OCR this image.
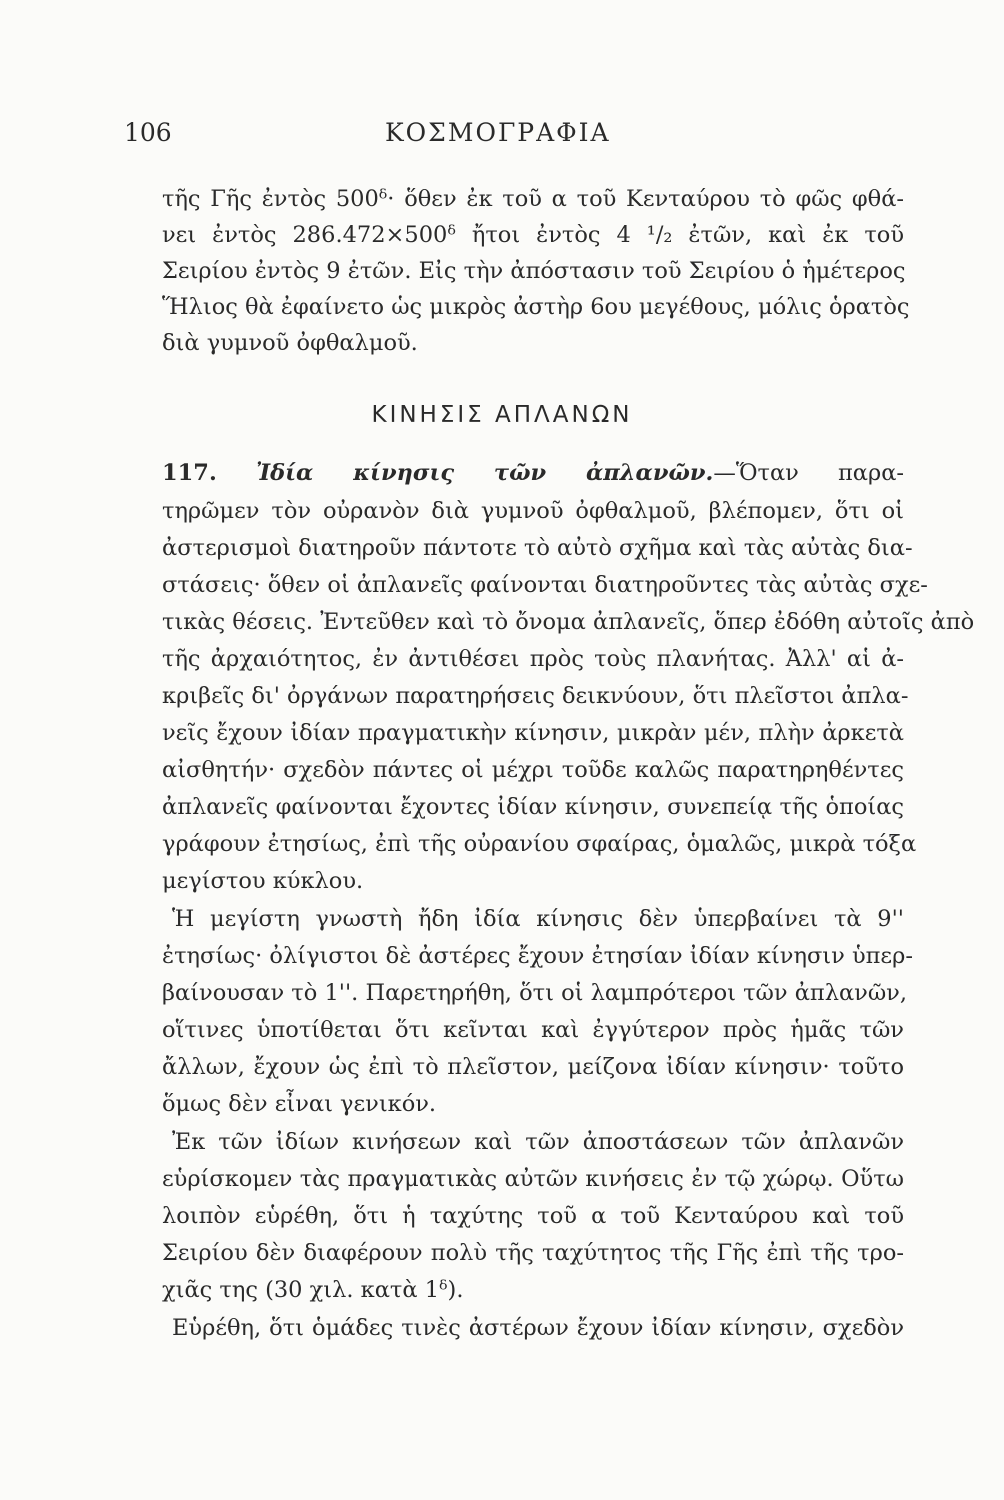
106	ΚΟΣΜΟΓΡΑΦΙΑ
τῆς Γῆς ἐντὸς 500ᵟ· ὅθεν ἐκ τοῦ α τοῦ Κενταύρου τὸ φῶς φθά-
νει ἐντὸς 286.472×500ᵟ ἤτοι ἐντὸς 4 ¹/₂ ἐτῶν, καὶ ἐκ τοῦ
Σειρίου ἐντὸς 9 ἐτῶν. Εἰς τὴν ἀπόστασιν τοῦ Σειρίου ὁ ἡμέτερος
Ἥλιος θὰ ἐφαίνετο ὡς μικρὸς ἀστὴρ 6ου μεγέθους, μόλις ὁρατὸς
διὰ γυμνοῦ ὀφθαλμοῦ.
ΚΙΝΗΣΙΣ ΑΠΛΑΝΩΝ
117. Ἰδία κίνησις τῶν ἀπλανῶν.—Ὅταν παρα-
τηρῶμεν τὸν οὐρανὸν διὰ γυμνοῦ ὀφθαλμοῦ, βλέπομεν, ὅτι οἱ
ἀστερισμοὶ διατηροῦν πάντοτε τὸ αὐτὸ σχῆμα καὶ τὰς αὐτὰς δια-
στάσεις· ὅθεν οἱ ἀπλανεῖς φαίνονται διατηροῦντες τὰς αὐτὰς σχε-
τικὰς θέσεις. Ἐντεῦθεν καὶ τὸ ὄνομα ἀπλανεῖς, ὅπερ ἐδόθη αὐτοῖς ἀπὸ
τῆς ἀρχαιότητος, ἐν ἀντιθέσει πρὸς τοὺς πλανήτας. Ἀλλ' αἱ ἀ-
κριβεῖς δι' ὀργάνων παρατηρήσεις δεικνύουν, ὅτι πλεῖστοι ἀπλα-
νεῖς ἔχουν ἰδίαν πραγματικὴν κίνησιν, μικρὰν μέν, πλὴν ἀρκετὰ
αἰσθητήν· σχεδὸν πάντες οἱ μέχρι τοῦδε καλῶς παρατηρηθέντες
ἀπλανεῖς φαίνονται ἔχοντες ἰδίαν κίνησιν, συνεπείᾳ τῆς ὁποίας
γράφουν ἐτησίως, ἐπὶ τῆς οὐρανίου σφαίρας, ὁμαλῶς, μικρὰ τόξα
μεγίστου κύκλου.
Ἡ μεγίστη γνωστὴ ἤδη ἰδία κίνησις δὲν ὑπερβαίνει τὰ 9''
ἐτησίως· ὀλίγιστοι δὲ ἀστέρες ἔχουν ἐτησίαν ἰδίαν κίνησιν ὑπερ-
βαίνουσαν τὸ 1''. Παρετηρήθη, ὅτι οἱ λαμπρότεροι τῶν ἀπλανῶν,
οἵτινες ὑποτίθεται ὅτι κεῖνται καὶ ἐγγύτερον πρὸς ἡμᾶς τῶν
ἄλλων, ἔχουν ὡς ἐπὶ τὸ πλεῖστον, μείζονα ἰδίαν κίνησιν· τοῦτο
ὅμως δὲν εἶναι γενικόν.
Ἐκ τῶν ἰδίων κινήσεων καὶ τῶν ἀποστάσεων τῶν ἀπλανῶν
εὑρίσκομεν τὰς πραγματικὰς αὐτῶν κινήσεις ἐν τῷ χώρῳ. Οὕτω
λοιπὸν εὑρέθη, ὅτι ἡ ταχύτης τοῦ α τοῦ Κενταύρου καὶ τοῦ
Σειρίου δὲν διαφέρουν πολὺ τῆς ταχύτητος τῆς Γῆς ἐπὶ τῆς τρο-
χιᾶς της (30 χιλ. κατὰ 1ᵟ).
Εὑρέθη, ὅτι ὁμάδες τινὲς ἀστέρων ἔχουν ἰδίαν κίνησιν, σχεδὸν
